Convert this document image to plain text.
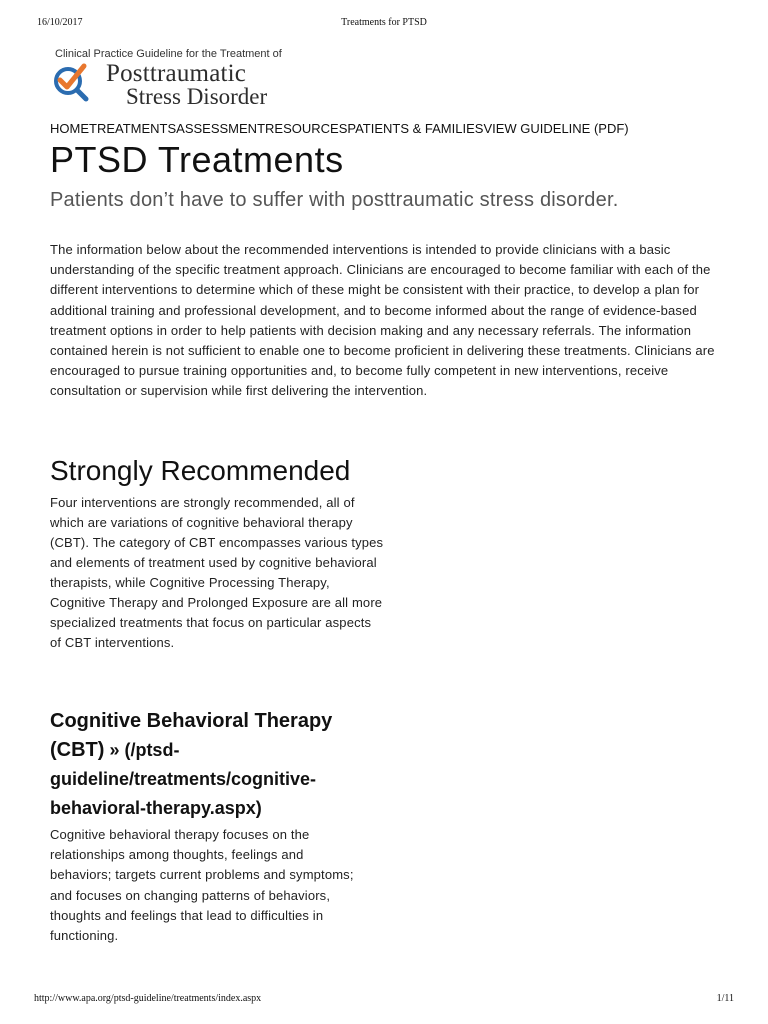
16/10/2017	Treatments for PTSD
Clinical Practice Guideline for the Treatment of
Posttraumatic
Stress Disorder
HOME TREATMENTS ASSESSMENT RESOURCES PATIENTS & FAMILIES VIEW GUIDELINE (PDF)
PTSD Treatments
Patients don’t have to suffer with posttraumatic stress disorder.

The information below about the recommended interventions is intended to provide clinicians with a basic understanding of the specific treatment approach. Clinicians are encouraged to become familiar with each of the different interventions to determine which of these might be consistent with their practice, to develop a plan for additional training and professional development, and to become informed about the range of evidence-based treatment options in order to help patients with decision making and any necessary referrals. The information contained herein is not sufficient to enable one to become proficient in delivering these treatments. Clinicians are encouraged to pursue training opportunities and, to become fully competent in new interventions, receive consultation or supervision while first delivering the intervention.

Strongly Recommended

Four interventions are strongly recommended, all of which are variations of cognitive behavioral therapy (CBT). The category of CBT encompasses various types and elements of treatment used by cognitive behavioral therapists, while Cognitive Processing Therapy, Cognitive Therapy and Prolonged Exposure are all more specialized treatments that focus on particular aspects of CBT interventions.

Cognitive Behavioral Therapy (CBT) » (/ptsd-guideline/treatments/cognitive-behavioral-therapy.aspx)

Cognitive behavioral therapy focuses on the relationships among thoughts, feelings and behaviors; targets current problems and symptoms; and focuses on changing patterns of behaviors, thoughts and feelings that lead to difficulties in functioning.

http://www.apa.org/ptsd-guideline/treatments/index.aspx	1/11
